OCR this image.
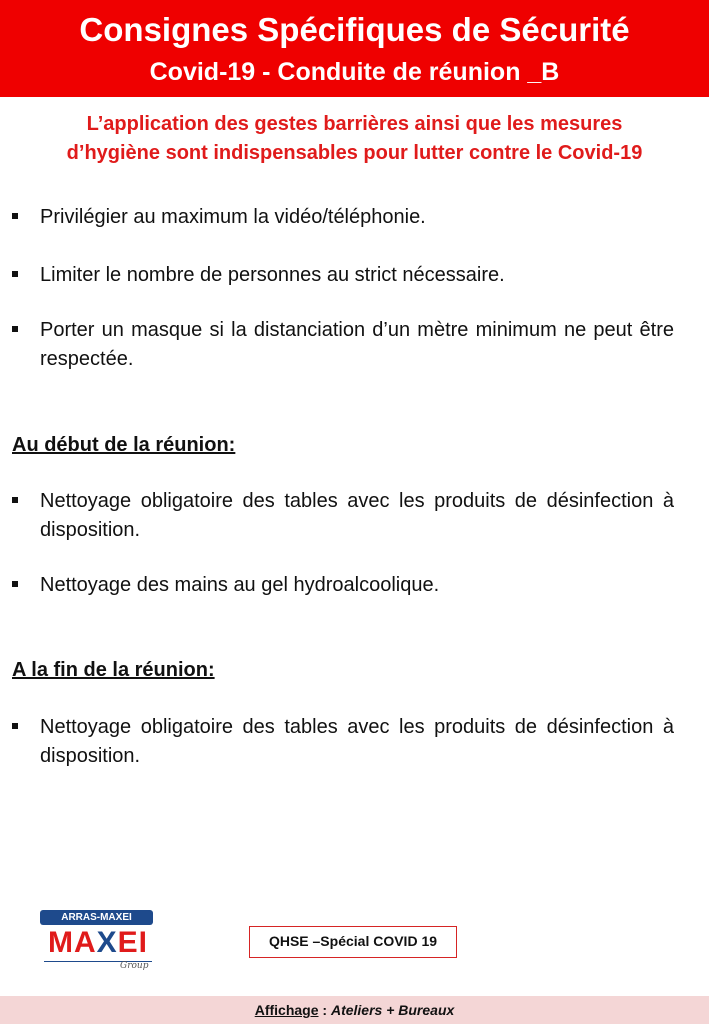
Consignes Spécifiques de Sécurité
Covid-19 - Conduite de réunion _B
L’application des gestes barrières ainsi que les mesures
d’hygiène sont indispensables pour lutter contre le Covid-19
Privilégier au maximum la vidéo/téléphonie.
Limiter le nombre de personnes au strict nécessaire.
Porter un masque si la distanciation d’un mètre minimum ne peut être respectée.
Au début de la réunion:
Nettoyage obligatoire des tables avec les produits de désinfection à disposition.
Nettoyage des mains au gel hydroalcoolique.
A la fin de la réunion:
Nettoyage obligatoire des tables avec les produits de désinfection à disposition.
ARRAS-MAXEI
MAXEI
Group
QHSE –Spécial COVID 19
Affichage : Ateliers + Bureaux
